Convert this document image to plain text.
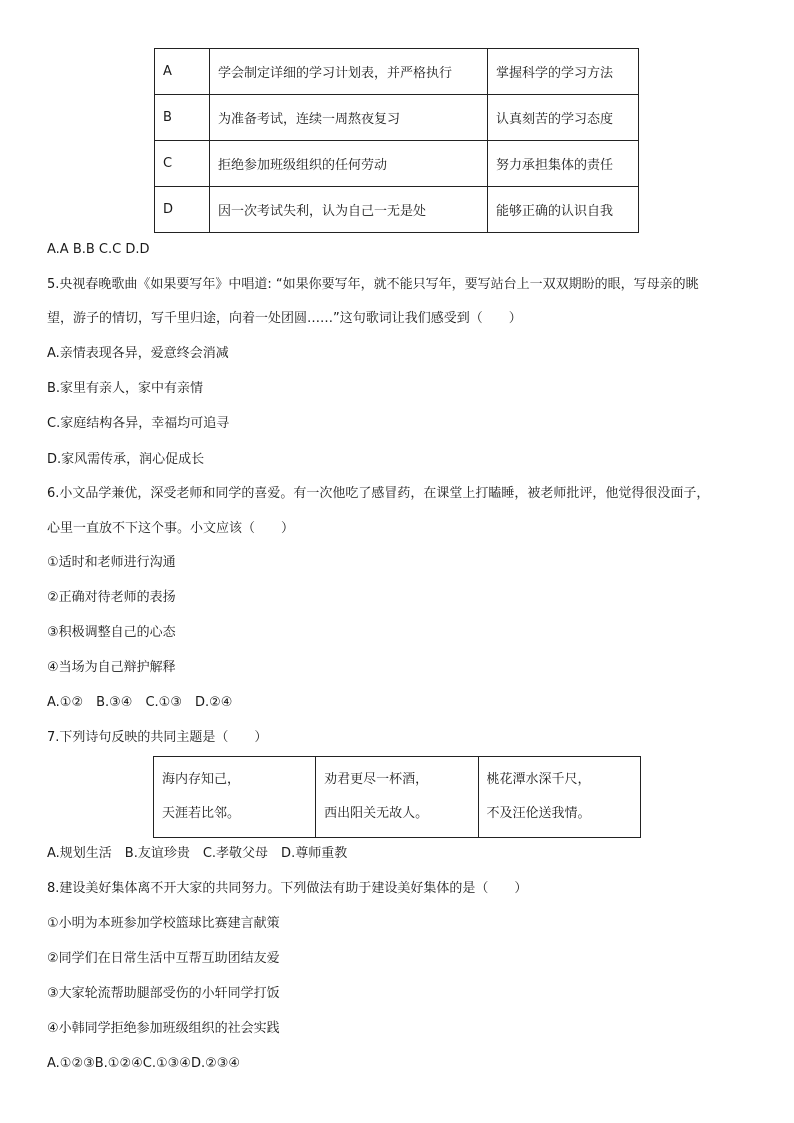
A	学会制定详细的学习计划表，并严格执行	掌握科学的学习方法
B	为准备考试，连续一周熬夜复习	认真刻苦的学习态度
C	拒绝参加班级组织的任何劳动	努力承担集体的责任
D	因一次考试失利，认为自己一无是处	能够正确的认识自我
A.A B.B C.C D.D
5.央视春晚歌曲《如果要写年》中唱道: “如果你要写年，就不能只写年，要写站台上一双双期盼的眼，写母亲的眺
望，游子的情切，写千里归途，向着一处团圆……”这句歌词让我们感受到（　　）
A.亲情表现各异，爱意终会消减
B.家里有亲人，家中有亲情
C.家庭结构各异，幸福均可追寻
D.家风需传承，润心促成长
6.小文品学兼优，深受老师和同学的喜爱。有一次他吃了感冒药，在课堂上打瞌睡，被老师批评，他觉得很没面子，
心里一直放不下这个事。小文应该（　　）
①适时和老师进行沟通
②正确对待老师的表扬
③积极调整自己的心态
④当场为自己辩护解释
A.①②　B.③④　C.①③　D.②④
7.下列诗句反映的共同主题是（　　）
海内存知己，
天涯若比邻。

劝君更尽一杯酒，
西出阳关无故人。

桃花潭水深千尺，
不及汪伦送我情。
A.规划生活　B.友谊珍贵　C.孝敬父母　D.尊师重教
8.建设美好集体离不开大家的共同努力。下列做法有助于建设美好集体的是（　　）
①小明为本班参加学校篮球比赛建言献策
②同学们在日常生活中互帮互助团结友爱
③大家轮流帮助腿部受伤的小轩同学打饭
④小韩同学拒绝参加班级组织的社会实践
A.①②③B.①②④C.①③④D.②③④
